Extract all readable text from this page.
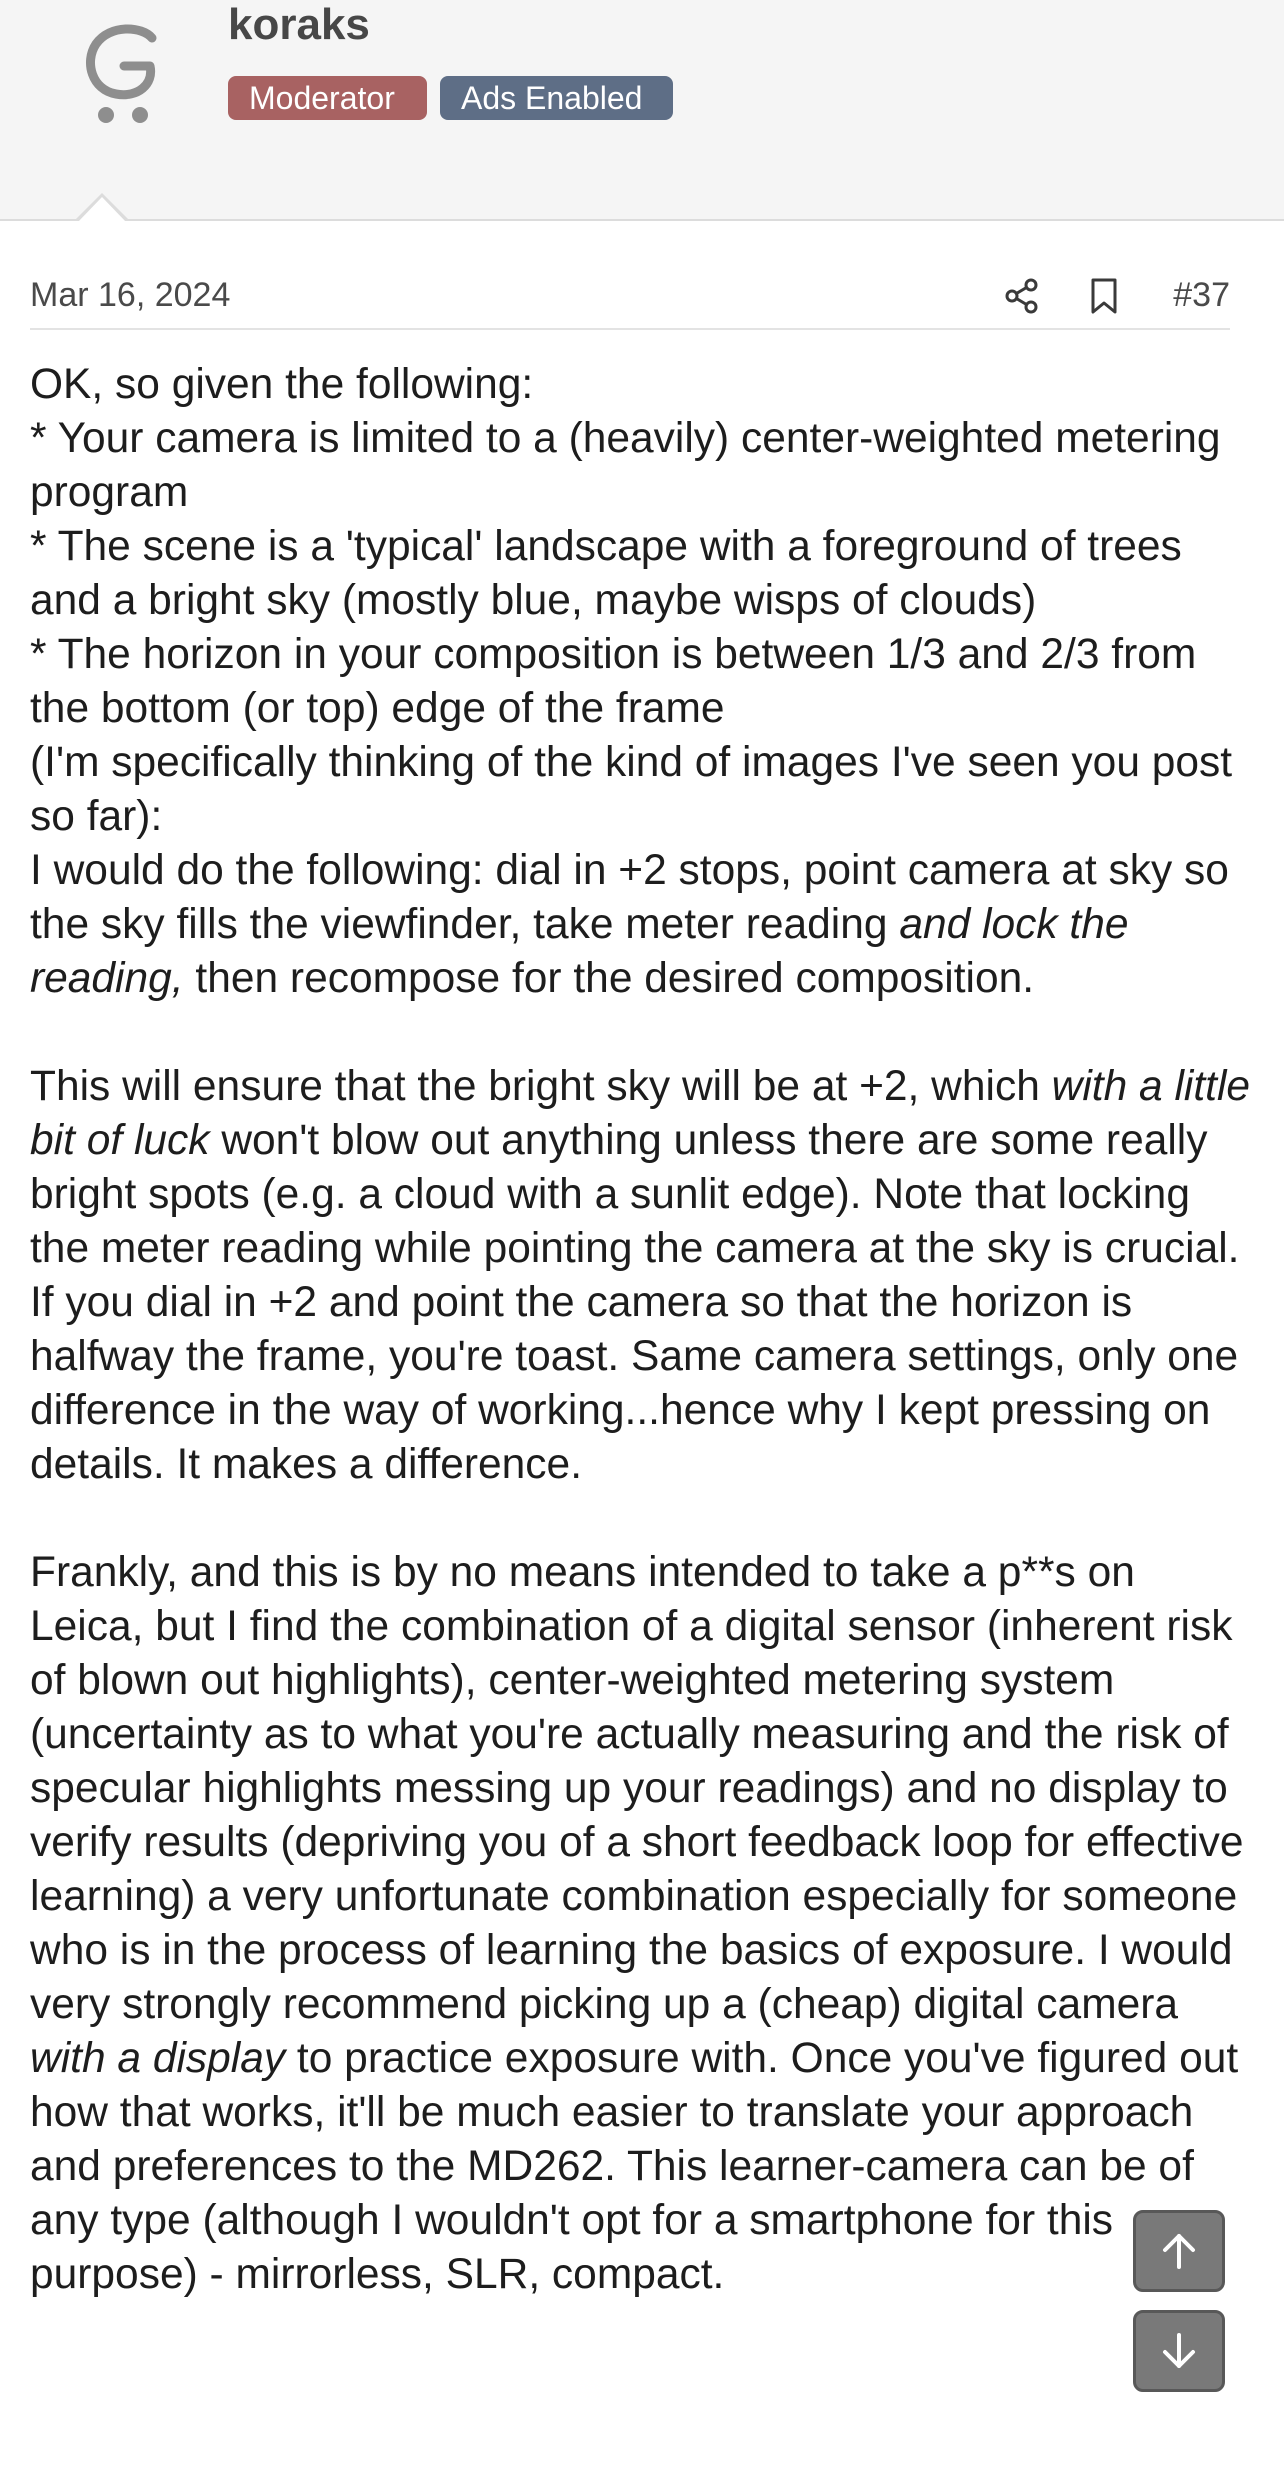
koraks
Moderator	Ads Enabled
Mar 16, 2024	#37

OK, so given the following:
* Your camera is limited to a (heavily) center-weighted metering program
* The scene is a 'typical' landscape with a foreground of trees and a bright sky (mostly blue, maybe wisps of clouds)
* The horizon in your composition is between 1/3 and 2/3 from the bottom (or top) edge of the frame
(I'm specifically thinking of the kind of images I've seen you post so far):
I would do the following: dial in +2 stops, point camera at sky so the sky fills the viewfinder, take meter reading and lock the reading, then recompose for the desired composition.

This will ensure that the bright sky will be at +2, which with a little bit of luck won't blow out anything unless there are some really bright spots (e.g. a cloud with a sunlit edge). Note that locking the meter reading while pointing the camera at the sky is crucial. If you dial in +2 and point the camera so that the horizon is halfway the frame, you're toast. Same camera settings, only one difference in the way of working...hence why I kept pressing on details. It makes a difference.

Frankly, and this is by no means intended to take a p**s on Leica, but I find the combination of a digital sensor (inherent risk of blown out highlights), center-weighted metering system (uncertainty as to what you're actually measuring and the risk of specular highlights messing up your readings) and no display to verify results (depriving you of a short feedback loop for effective learning) a very unfortunate combination especially for someone who is in the process of learning the basics of exposure. I would very strongly recommend picking up a (cheap) digital camera with a display to practice exposure with. Once you've figured out how that works, it'll be much easier to translate your approach and preferences to the MD262. This learner-camera can be of any type (although I wouldn't opt for a smartphone for this purpose) - mirrorless, SLR, compact.
